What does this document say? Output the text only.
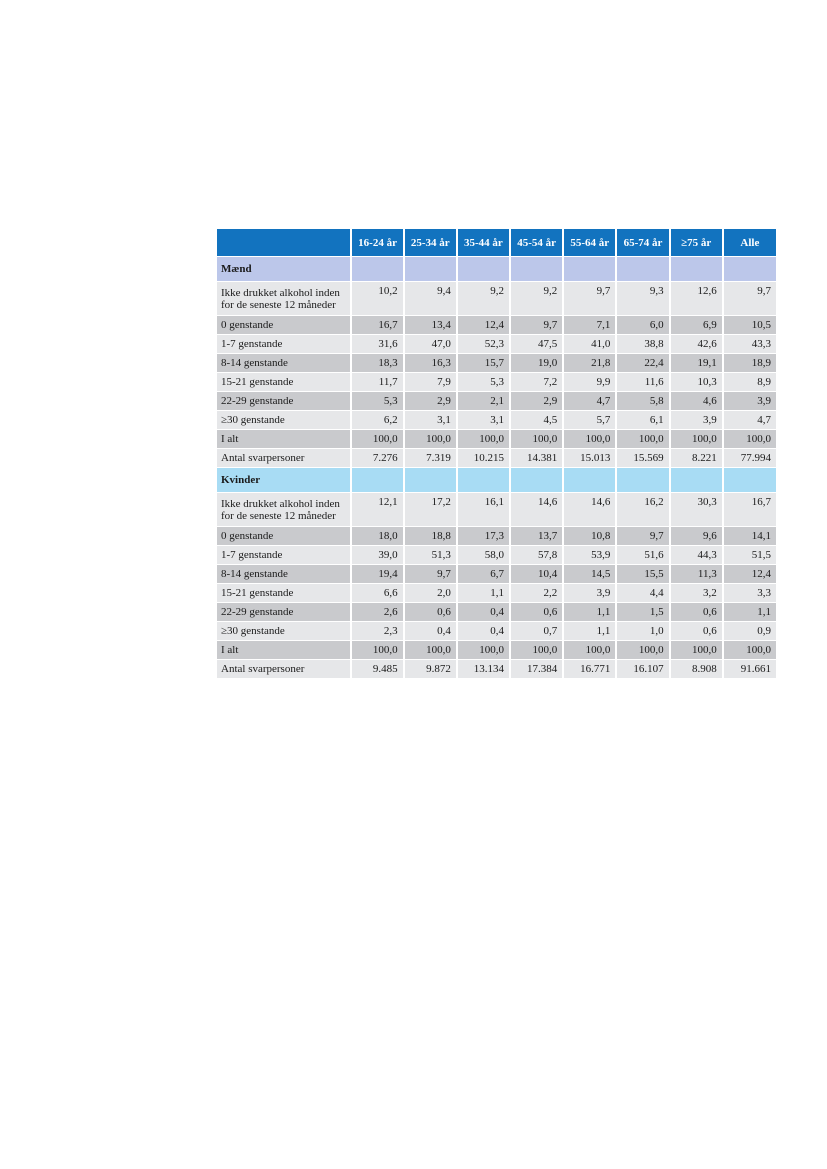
	16-24 år	25-34 år	35-44 år	45-54 år	55-64 år	65-74 år	≥75 år	Alle
Mænd								

Ikke drukket alkohol inden
for de seneste 12 måneder	10,2	9,4	9,2	9,2	9,7	9,3	12,6	9,7

0 genstande	16,7	13,4	12,4	9,7	7,1	6,0	6,9	10,5

1-7 genstande	31,6	47,0	52,3	47,5	41,0	38,8	42,6	43,3

8-14 genstande	18,3	16,3	15,7	19,0	21,8	22,4	19,1	18,9

15-21 genstande	11,7	7,9	5,3	7,2	9,9	11,6	10,3	8,9

22-29 genstande	5,3	2,9	2,1	2,9	4,7	5,8	4,6	3,9

≥30 genstande	6,2	3,1	3,1	4,5	5,7	6,1	3,9	4,7

I alt	100,0	100,0	100,0	100,0	100,0	100,0	100,0	100,0

Antal svarpersoner	7.276	7.319	10.215	14.381	15.013	15.569	8.221	77.994
Kvinder								

Ikke drukket alkohol inden
for de seneste 12 måneder	12,1	17,2	16,1	14,6	14,6	16,2	30,3	16,7

0 genstande	18,0	18,8	17,3	13,7	10,8	9,7	9,6	14,1

1-7 genstande	39,0	51,3	58,0	57,8	53,9	51,6	44,3	51,5

8-14 genstande	19,4	9,7	6,7	10,4	14,5	15,5	11,3	12,4

15-21 genstande	6,6	2,0	1,1	2,2	3,9	4,4	3,2	3,3

22-29 genstande	2,6	0,6	0,4	0,6	1,1	1,5	0,6	1,1

≥30 genstande	2,3	0,4	0,4	0,7	1,1	1,0	0,6	0,9

I alt	100,0	100,0	100,0	100,0	100,0	100,0	100,0	100,0

Antal svarpersoner	9.485	9.872	13.134	17.384	16.771	16.107	8.908	91.661
